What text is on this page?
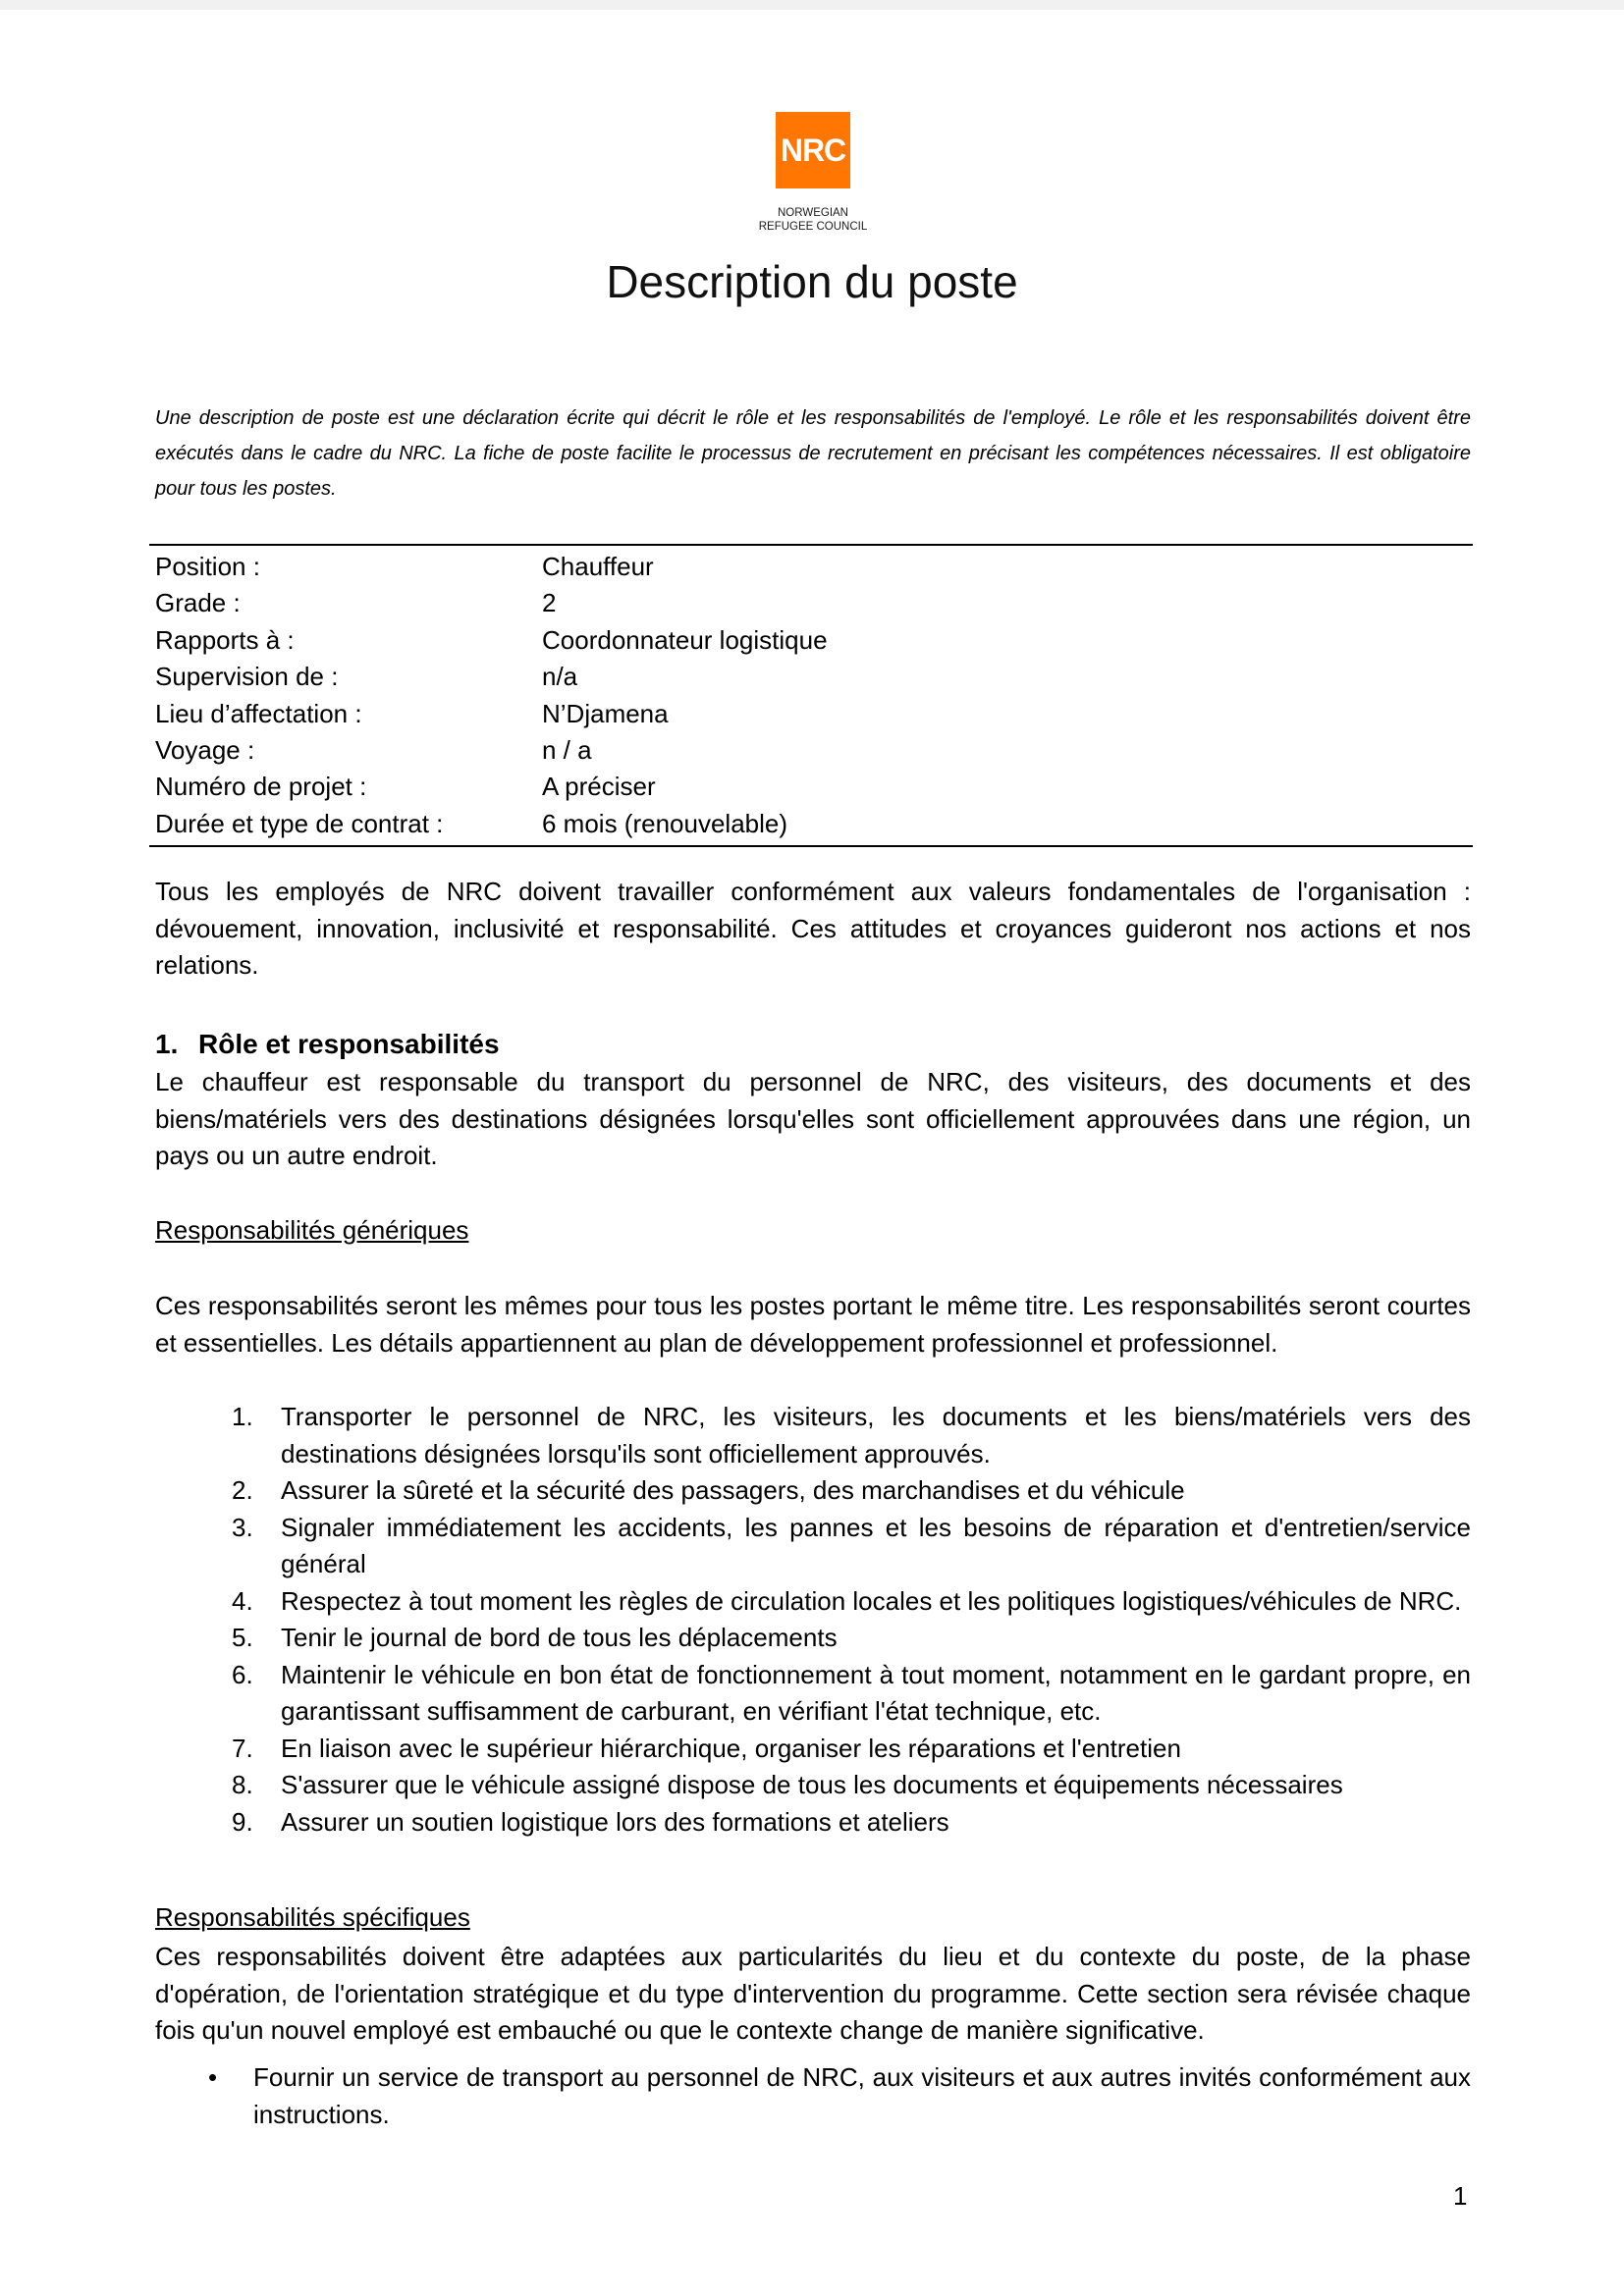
NRC
NORWEGIAN
REFUGEE COUNCIL
Description du poste
Une description de poste est une déclaration écrite qui décrit le rôle et les responsabilités de l'employé. Le rôle et les responsabilités doivent être exécutés dans le cadre du NRC. La fiche de poste facilite le processus de recrutement en précisant les compétences nécessaires. Il est obligatoire pour tous les postes.
Position :	Chauffeur
Grade :	2
Rapports à :	Coordonnateur logistique
Supervision de :	n/a
Lieu d’affectation :	N’Djamena
Voyage :	n / a
Numéro de projet :	A préciser
Durée et type de contrat :	6 mois (renouvelable)
Tous les employés de NRC doivent travailler conformément aux valeurs fondamentales de l'organisation : dévouement, innovation, inclusivité et responsabilité. Ces attitudes et croyances guideront nos actions et nos relations.
1. Rôle et responsabilités
Le chauffeur est responsable du transport du personnel de NRC, des visiteurs, des documents et des biens/matériels vers des destinations désignées lorsqu'elles sont officiellement approuvées dans une région, un pays ou un autre endroit.
Responsabilités génériques
Ces responsabilités seront les mêmes pour tous les postes portant le même titre. Les responsabilités seront courtes et essentielles. Les détails appartiennent au plan de développement professionnel et professionnel.
1. Transporter le personnel de NRC, les visiteurs, les documents et les biens/matériels vers des destinations désignées lorsqu'ils sont officiellement approuvés.
2. Assurer la sûreté et la sécurité des passagers, des marchandises et du véhicule
3. Signaler immédiatement les accidents, les pannes et les besoins de réparation et d'entretien/service général
4. Respectez à tout moment les règles de circulation locales et les politiques logistiques/véhicules de NRC.
5. Tenir le journal de bord de tous les déplacements
6. Maintenir le véhicule en bon état de fonctionnement à tout moment, notamment en le gardant propre, en garantissant suffisamment de carburant, en vérifiant l'état technique, etc.
7. En liaison avec le supérieur hiérarchique, organiser les réparations et l'entretien
8. S'assurer que le véhicule assigné dispose de tous les documents et équipements nécessaires
9. Assurer un soutien logistique lors des formations et ateliers
Responsabilités spécifiques
Ces responsabilités doivent être adaptées aux particularités du lieu et du contexte du poste, de la phase d'opération, de l'orientation stratégique et du type d'intervention du programme. Cette section sera révisée chaque fois qu'un nouvel employé est embauché ou que le contexte change de manière significative.
• Fournir un service de transport au personnel de NRC, aux visiteurs et aux autres invités conformément aux instructions.
1
